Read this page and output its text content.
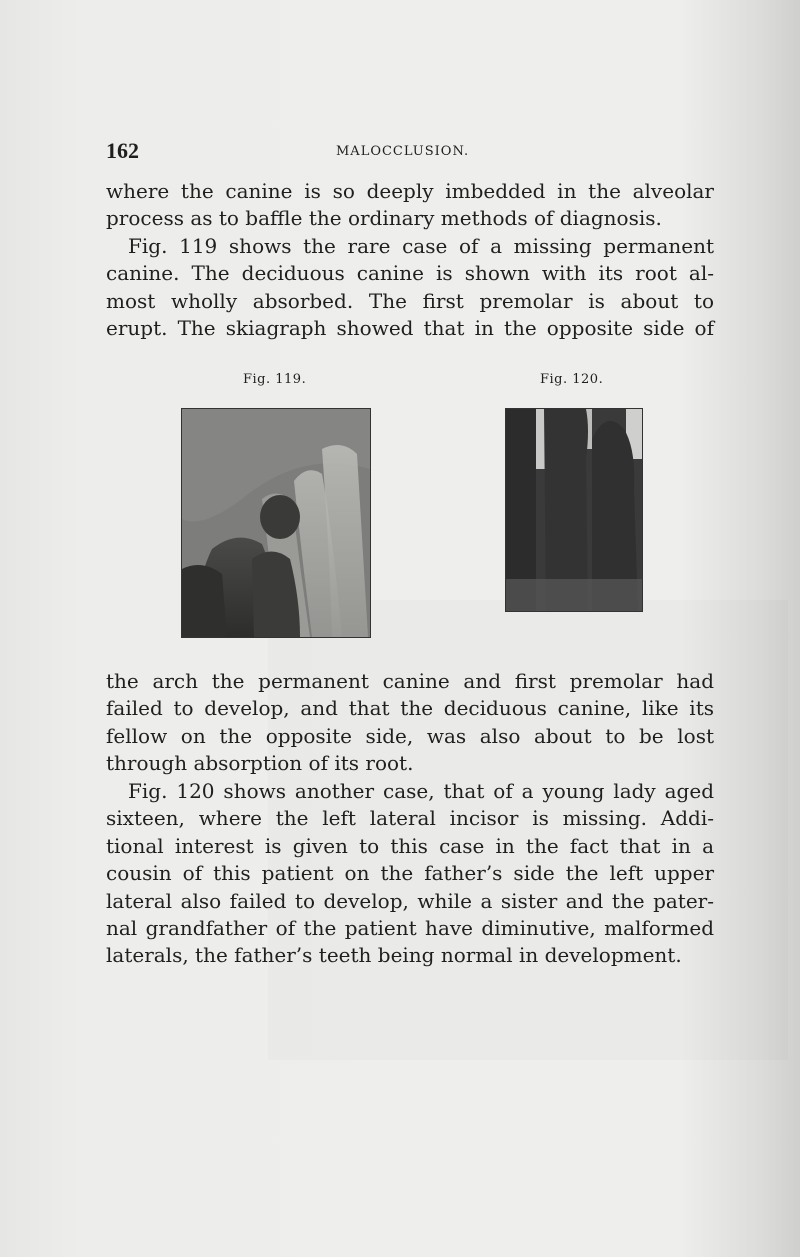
162	MALOCCLUSION.

where the canine is so deeply imbedded in the alveolar
process as to baffle the ordinary methods of diagnosis.

Fig. 119 shows the rare case of a missing permanent
canine. The deciduous canine is shown with its root al-
most wholly absorbed. The first premolar is about to
erupt. The skiagraph showed that in the opposite side of

Fig. 119.	Fig. 120.

the arch the permanent canine and first premolar had
failed to develop, and that the deciduous canine, like its
fellow on the opposite side, was also about to be lost
through absorption of its root.

Fig. 120 shows another case, that of a young lady aged
sixteen, where the left lateral incisor is missing. Addi-
tional interest is given to this case in the fact that in a
cousin of this patient on the father’s side the left upper
lateral also failed to develop, while a sister and the pater-
nal grandfather of the patient have diminutive, malformed
laterals, the father’s teeth being normal in development.
